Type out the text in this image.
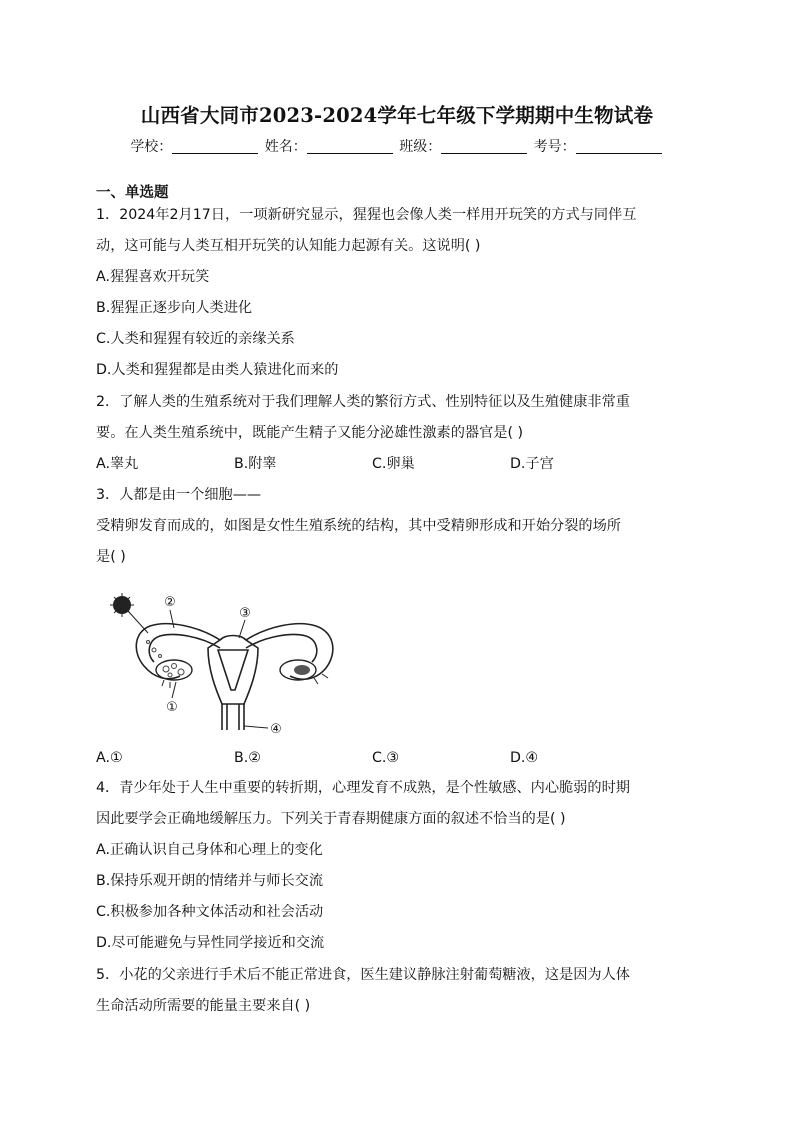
山西省大同市2023-2024学年七年级下学期期中生物试卷
学校：	姓名：	班级：	考号：
一、单选题
1．2024年2月17日，一项新研究显示，猩猩也会像人类一样用开玩笑的方式与同伴互
动，这可能与人类互相开玩笑的认知能力起源有关。这说明( )
A.猩猩喜欢开玩笑
B.猩猩正逐步向人类进化
C.人类和猩猩有较近的亲缘关系
D.人类和猩猩都是由类人猿进化而来的
2．了解人类的生殖系统对于我们理解人类的繁衍方式、性别特征以及生殖健康非常重
要。在人类生殖系统中，既能产生精子又能分泌雄性激素的器官是( )
A.睾丸	B.附睾	C.卵巢	D.子宫
3．人都是由一个细胞——
受精卵发育而成的，如图是女性生殖系统的结构，其中受精卵形成和开始分裂的场所
是( )
②
③
①
④
A.①	B.②	C.③	D.④
4．青少年处于人生中重要的转折期，心理发育不成熟，是个性敏感、内心脆弱的时期
因此要学会正确地缓解压力。下列关于青春期健康方面的叙述不恰当的是( )
A.正确认识自己身体和心理上的变化
B.保持乐观开朗的情绪并与师长交流
C.积极参加各种文体活动和社会活动
D.尽可能避免与异性同学接近和交流
5．小花的父亲进行手术后不能正常进食，医生建议静脉注射葡萄糖液，这是因为人体
生命活动所需要的能量主要来自( )
